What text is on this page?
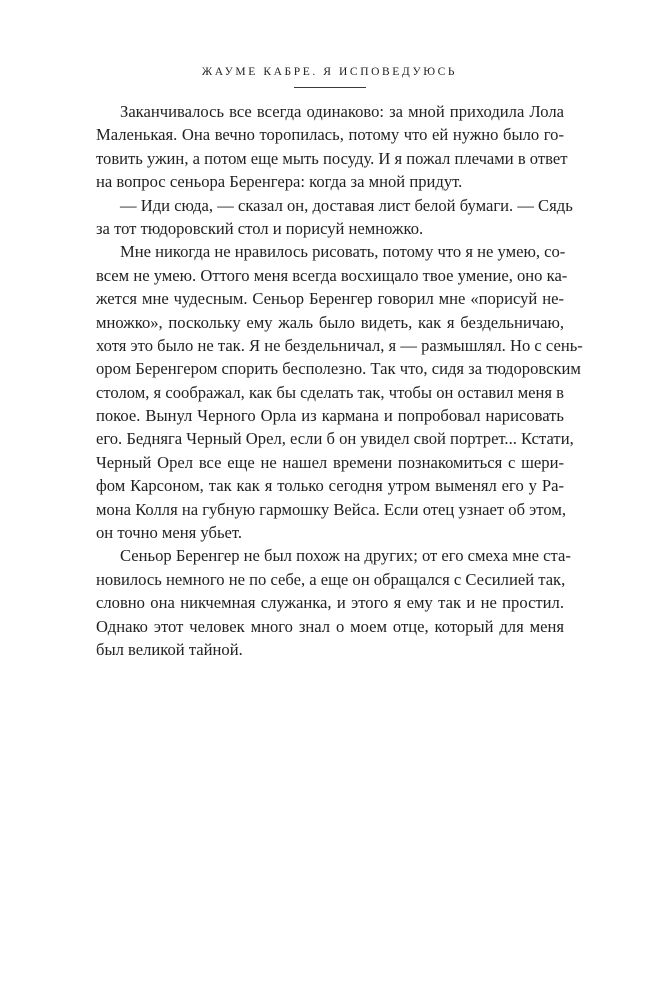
ЖАУМЕ КАБРЕ. Я ИСПОВЕДУЮСЬ
Заканчивалось все всегда одинаково: за мной приходила Лола
Маленькая. Она вечно торопилась, потому что ей нужно было го-
товить ужин, а потом еще мыть посуду. И я пожал плечами в ответ
на вопрос сеньора Беренгера: когда за мной придут.
— Иди сюда, — сказал он, доставая лист белой бумаги. — Сядь
за тот тюдоровский стол и порисуй немножко.
Мне никогда не нравилось рисовать, потому что я не умею, со-
всем не умею. Оттого меня всегда восхищало твое умение, оно ка-
жется мне чудесным. Сеньор Беренгер говорил мне «порисуй не-
множко», поскольку ему жаль было видеть, как я бездельничаю,
хотя это было не так. Я не бездельничал, я — размышлял. Но с сень-
ором Беренгером спорить бесполезно. Так что, сидя за тюдоровским
столом, я соображал, как бы сделать так, чтобы он оставил меня в
покое. Вынул Черного Орла из кармана и попробовал нарисовать
его. Бедняга Черный Орел, если б он увидел свой портрет... Кстати,
Черный Орел все еще не нашел времени познакомиться с шери-
фом Карсоном, так как я только сегодня утром выменял его у Ра-
мона Колля на губную гармошку Вейса. Если отец узнает об этом,
он точно меня убьет.
Сеньор Беренгер не был похож на других; от его смеха мне ста-
новилось немного не по себе, а еще он обращался с Сесилией так,
словно она никчемная служанка, и этого я ему так и не простил.
Однако этот человек много знал о моем отце, который для меня
был великой тайной.
